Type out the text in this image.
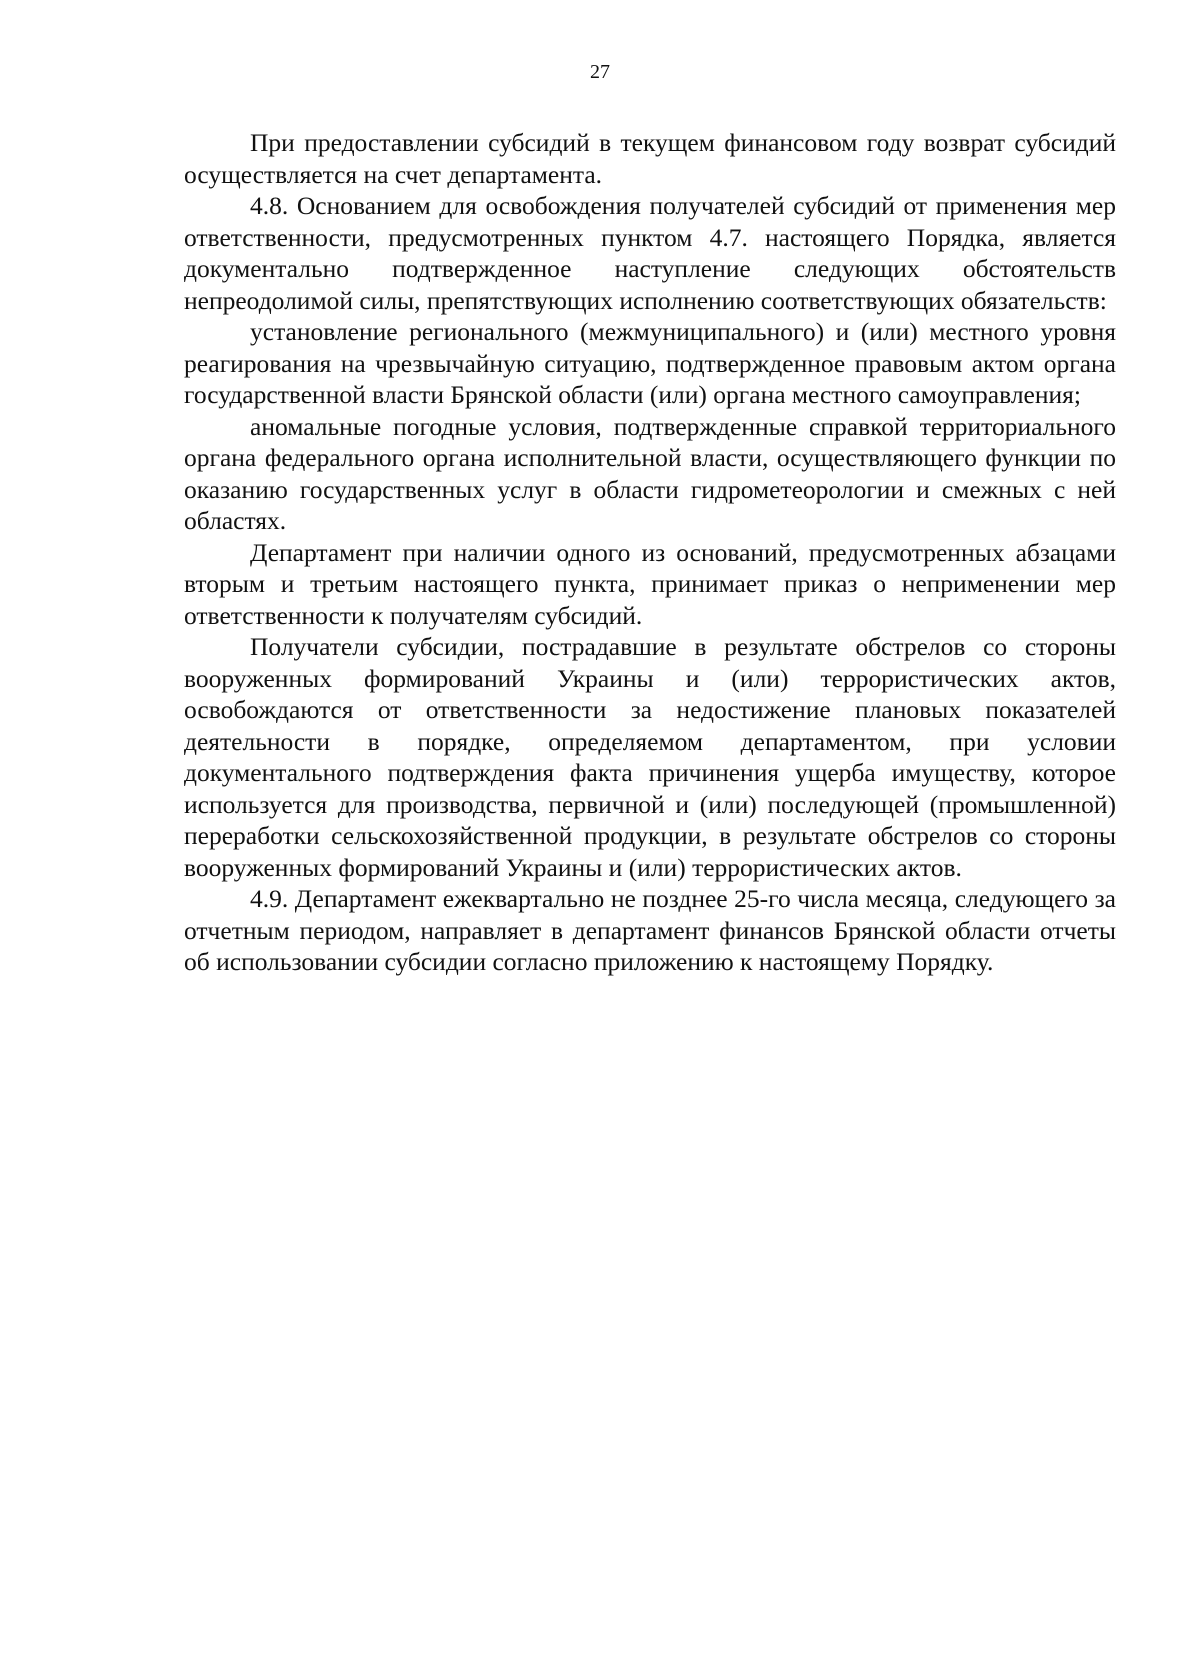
27

При предоставлении субсидий в текущем финансовом году возврат субсидий осуществляется на счет департамента.

4.8. Основанием для освобождения получателей субсидий от применения мер ответственности, предусмотренных пунктом 4.7. настоящего Порядка, является документально подтвержденное наступление следующих обстоятельств непреодолимой силы, препятствующих исполнению соответствующих обязательств:

установление регионального (межмуниципального) и (или) местного уровня реагирования на чрезвычайную ситуацию, подтвержденное правовым актом органа государственной власти Брянской области (или) органа местного самоуправления;

аномальные погодные условия, подтвержденные справкой территориального органа федерального органа исполнительной власти, осуществляющего функции по оказанию государственных услуг в области гидрометеорологии и смежных с ней областях.

Департамент при наличии одного из оснований, предусмотренных абзацами вторым и третьим настоящего пункта, принимает приказ о неприменении мер ответственности к получателям субсидий.

Получатели субсидии, пострадавшие в результате обстрелов со стороны вооруженных формирований Украины и (или) террористических актов, освобождаются от ответственности за недостижение плановых показателей деятельности в порядке, определяемом департаментом, при условии документального подтверждения факта причинения ущерба имуществу, которое используется для производства, первичной и (или) последующей (промышленной) переработки сельскохозяйственной продукции, в результате обстрелов со стороны вооруженных формирований Украины и (или) террористических актов.

4.9. Департамент ежеквартально не позднее 25-го числа месяца, следующего за отчетным периодом, направляет в департамент финансов Брянской области отчеты об использовании субсидии согласно приложению к настоящему Порядку.
